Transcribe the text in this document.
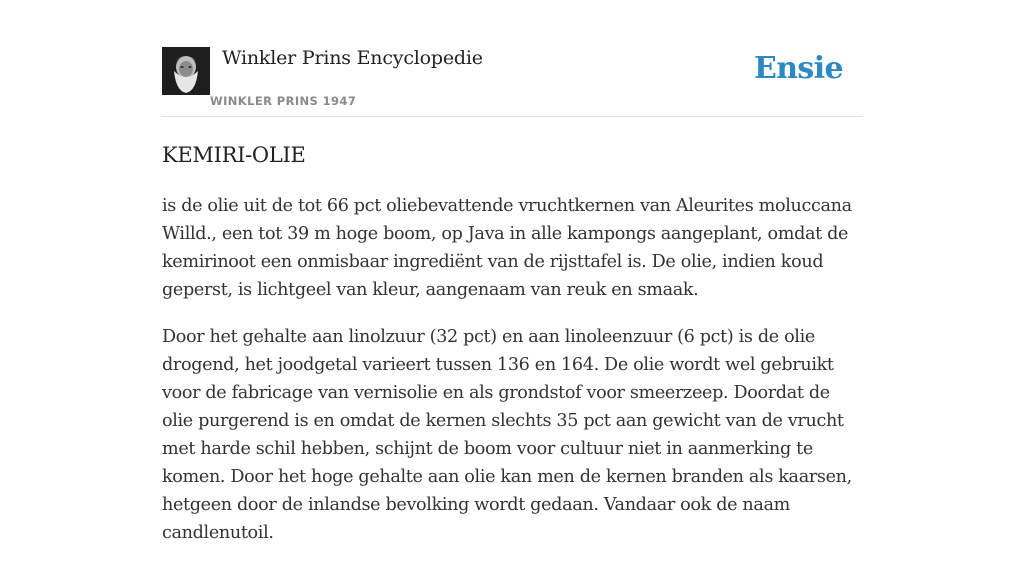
Winkler Prins Encyclopedie
WINKLER PRINS 1947
Ensie
KEMIRI-OLIE

is de olie uit de tot 66 pct oliebevattende vruchtkernen van Aleurites moluccana Willd., een tot 39 m hoge boom, op Java in alle kampongs aangeplant, omdat de kemirinoot een onmisbaar ingrediënt van de rijsttafel is. De olie, indien koud geperst, is lichtgeel van kleur, aangenaam van reuk en smaak.

Door het gehalte aan linolzuur (32 pct) en aan linoleenzuur (6 pct) is de olie drogend, het joodgetal varieert tussen 136 en 164. De olie wordt wel gebruikt voor de fabricage van vernisolie en als grondstof voor smeerzeep. Doordat de olie purgerend is en omdat de kernen slechts 35 pct aan gewicht van de vrucht met harde schil hebben, schijnt de boom voor cultuur niet in aanmerking te komen. Door het hoge gehalte aan olie kan men de kernen branden als kaarsen, hetgeen door de inlandse bevolking wordt gedaan. Vandaar ook de naam candlenutoil.
